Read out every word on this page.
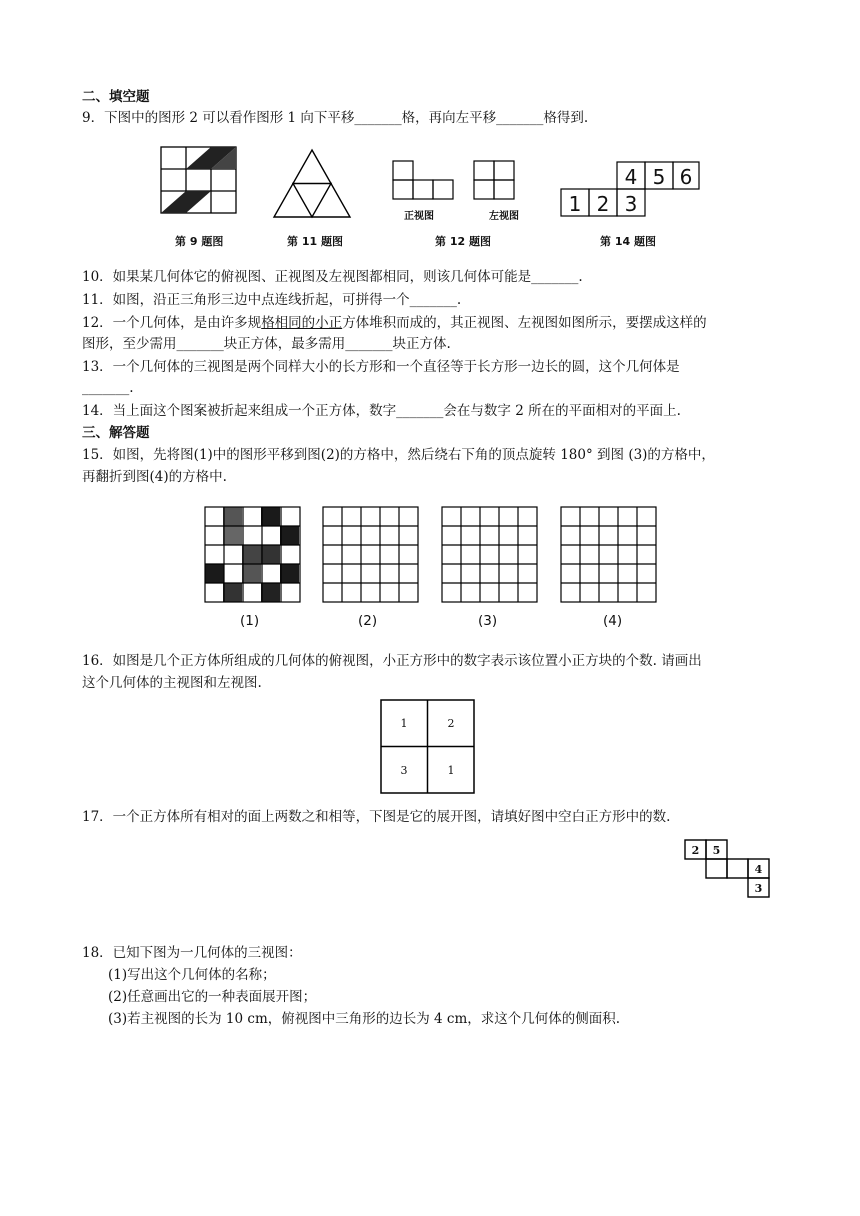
二、填空题
9．下图中的图形 2 可以看作图形 1 向下平移_______格，再向左平移_______格得到.
第 9 题图	第 11 题图
正视图	左视图
第 12 题图
1 2 3
4 5 6
第 14 题图
10．如果某几何体它的俯视图、正视图及左视图都相同，则该几何体可能是_______.
11．如图，沿正三角形三边中点连线折起，可拼得一个_______.
12．一个几何体，是由许多规格相同的小正方体堆积而成的，其正视图、左视图如图所示，要摆成这样的
图形，至少需用_______块正方体，最多需用_______块正方体.
13．一个几何体的三视图是两个同样大小的长方形和一个直径等于长方形一边长的圆，这个几何体是
_______.
14．当上面这个图案被折起来组成一个正方体，数字_______会在与数字 2 所在的平面相对的平面上.
三、解答题
15．如图，先将图(1)中的图形平移到图(2)的方格中，然后绕右下角的顶点旋转 180° 到图 (3)的方格中，
再翻折到图(4)的方格中.
(1)	(2)	(3)	(4)
16．如图是几个正方体所组成的几何体的俯视图，小正方形中的数字表示该位置小正方块的个数. 请画出
这个几何体的主视图和左视图.
1	2
3	1
17．一个正方体所有相对的面上两数之和相等，下图是它的展开图，请填好图中空白正方形中的数.
2 5
4
3
18．已知下图为一几何体的三视图：
(1)写出这个几何体的名称；
(2)任意画出它的一种表面展开图；
(3)若主视图的长为 10 cm，俯视图中三角形的边长为 4 cm，求这个几何体的侧面积.
